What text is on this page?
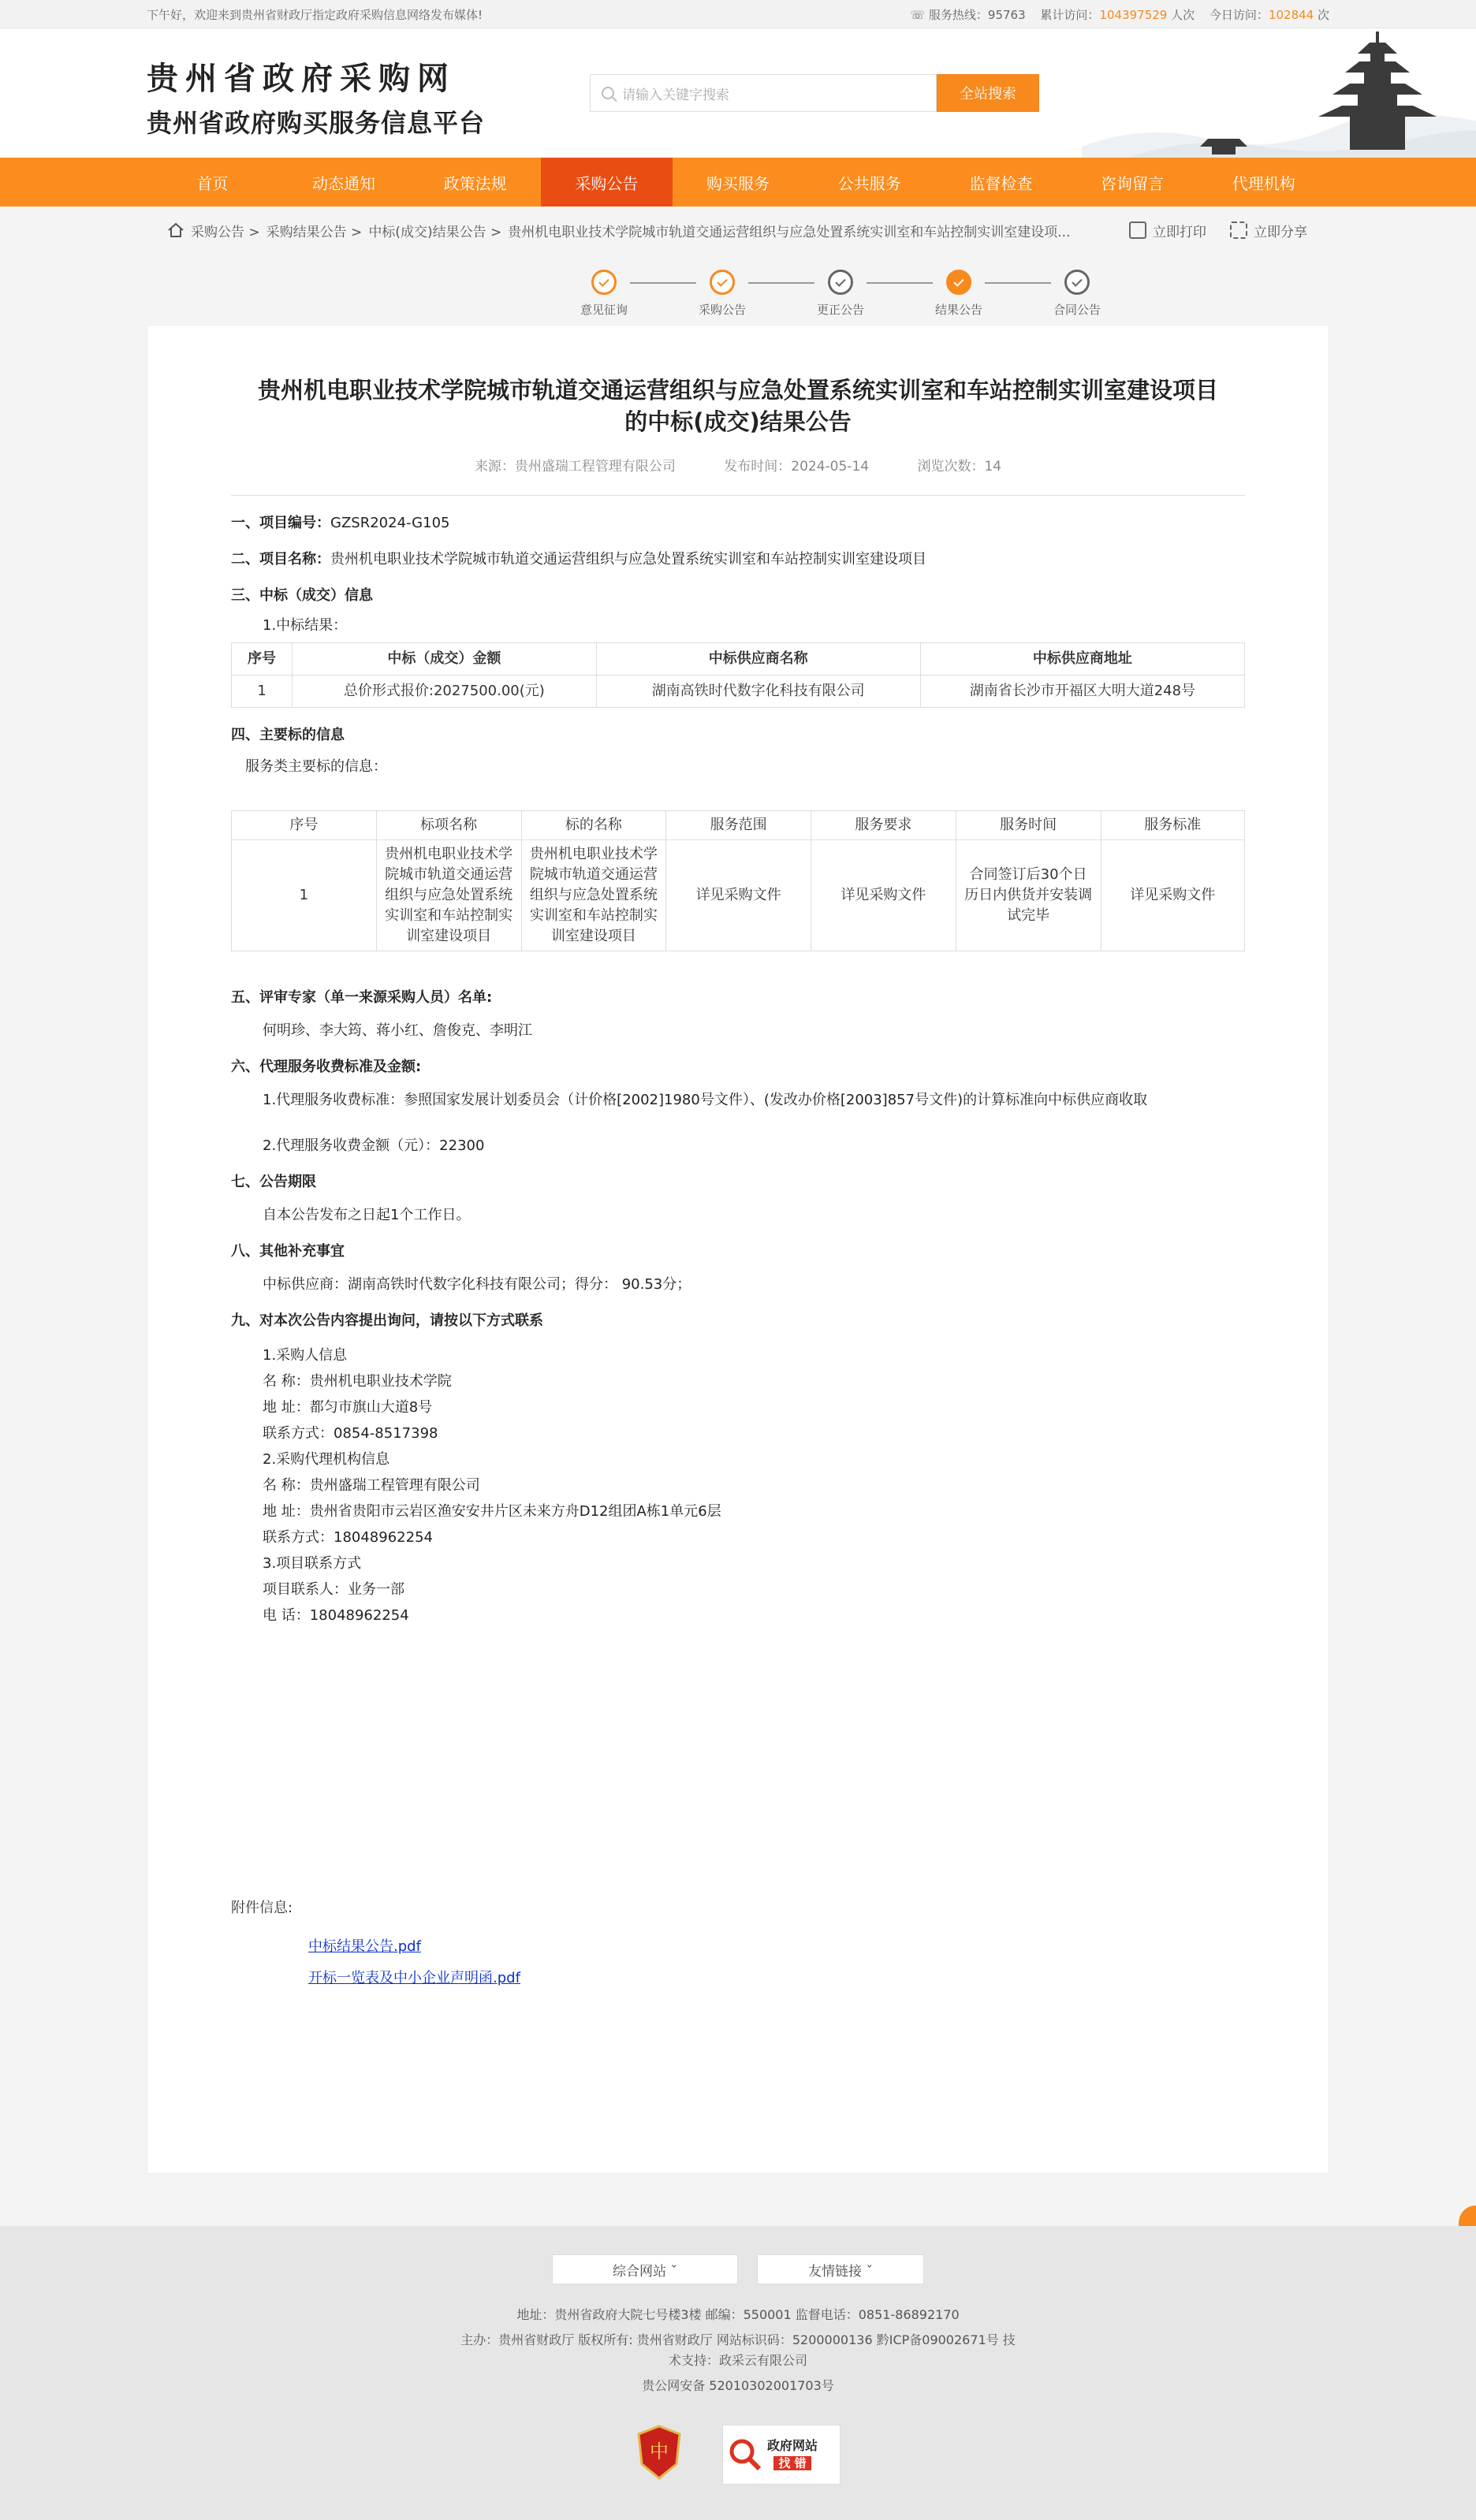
下午好，欢迎来到贵州省财政厅指定政府采购信息网络发布媒体!	☏ 服务热线：95763 累计访问：104397529 人次 今日访问：102844 次
贵州省政府采购网
贵州省政府购买服务信息平台
请输入关键字搜索	全站搜索
首页	动态通知	政策法规	采购公告	购买服务	公共服务	监督检查	咨询留言	代理机构
采购公告 > 采购结果公告 > 中标(成交)结果公告 > 贵州机电职业技术学院城市轨道交通运营组织与应急处置系统实训室和车站控制实训室建设项...	立即打印	立即分享
意见征询	采购公告	更正公告	结果公告	合同公告
贵州机电职业技术学院城市轨道交通运营组织与应急处置系统实训室和车站控制实训室建设项目的中标(成交)结果公告
来源：贵州盛瑞工程管理有限公司	发布时间：2024-05-14	浏览次数：14
一、项目编号：GZSR2024-G105
二、项目名称：贵州机电职业技术学院城市轨道交通运营组织与应急处置系统实训室和车站控制实训室建设项目
三、中标（成交）信息
1.中标结果：
序号	中标（成交）金额	中标供应商名称	中标供应商地址
1	总价形式报价:2027500.00(元)	湖南高铁时代数字化科技有限公司	湖南省长沙市开福区大明大道248号
四、主要标的信息
服务类主要标的信息：
序号	标项名称	标的名称	服务范围	服务要求	服务时间	服务标准
1	贵州机电职业技术学院城市轨道交通运营组织与应急处置系统实训室和车站控制实训室建设项目	贵州机电职业技术学院城市轨道交通运营组织与应急处置系统实训室和车站控制实训室建设项目	详见采购文件	详见采购文件	合同签订后30个日历日内供货并安装调试完毕	详见采购文件
五、评审专家（单一来源采购人员）名单:
何明珍、李大筠、蒋小红、詹俊克、李明江
六、代理服务收费标准及金额:
1.代理服务收费标准：参照国家发展计划委员会（计价格[2002]1980号文件）、(发改办价格[2003]857号文件)的计算标准向中标供应商收取
2.代理服务收费金额（元）：22300
七、公告期限
自本公告发布之日起1个工作日。
八、其他补充事宜
中标供应商：湖南高铁时代数字化科技有限公司；得分： 90.53分；
九、对本次公告内容提出询问，请按以下方式联系

1.采购人信息

名 称：贵州机电职业技术学院

地 址：都匀市旗山大道8号

联系方式：0854-8517398

2.采购代理机构信息

名 称：贵州盛瑞工程管理有限公司

地 址：贵州省贵阳市云岩区渔安安井片区未来方舟D12组团A栋1单元6层

联系方式：18048962254

3.项目联系方式

项目联系人：业务一部

电 话：18048962254

附件信息:
中标结果公告.pdf
开标一览表及中小企业声明函.pdf
综合网站 ˇ	友情链接 ˇ
地址：贵州省政府大院七号楼3楼 邮编：550001 监督电话：0851-86892170
主办：贵州省财政厅 版权所有: 贵州省财政厅 网站标识码：5200000136 黔ICP备09002671号 技
术支持：政采云有限公司
贵公网安备 52010302001703号
中	政府网站
找 错
